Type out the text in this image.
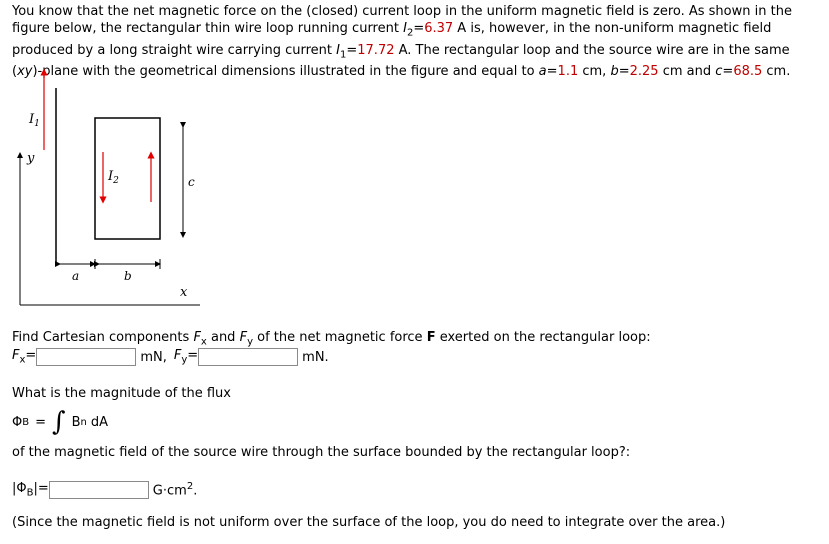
You know that the net magnetic force on the (closed) current loop in the uniform magnetic field is zero. As shown in the figure below, the rectangular thin wire loop running current $I_2=6.37$ A is, however, in the non-uniform magnetic field produced by a long straight wire carrying current $I_1=17.72$ A. The rectangular loop and the source wire are in the same (xy)-plane with the geometrical dimensions illustrated in the figure and equal to a=1.1 cm, b=2.25 cm and c=68.5 cm.

y
x
$I_1$
$I_2$	c
a	b
Find Cartesian components $F_x$ and $F_y$ of the net magnetic force F exerted on the rectangular loop:
$F_x=$	mN, $F_y=$	mN.
What is the magnitude of the flux
Φ B = ∫ B n dA
of the magnetic field of the source wire through the surface bounded by the rectangular loop?:
$|\Phi_B|=$	$G\cdot cm^2$.
(Since the magnetic field is not uniform over the surface of the loop, you do need to integrate over the area.)
